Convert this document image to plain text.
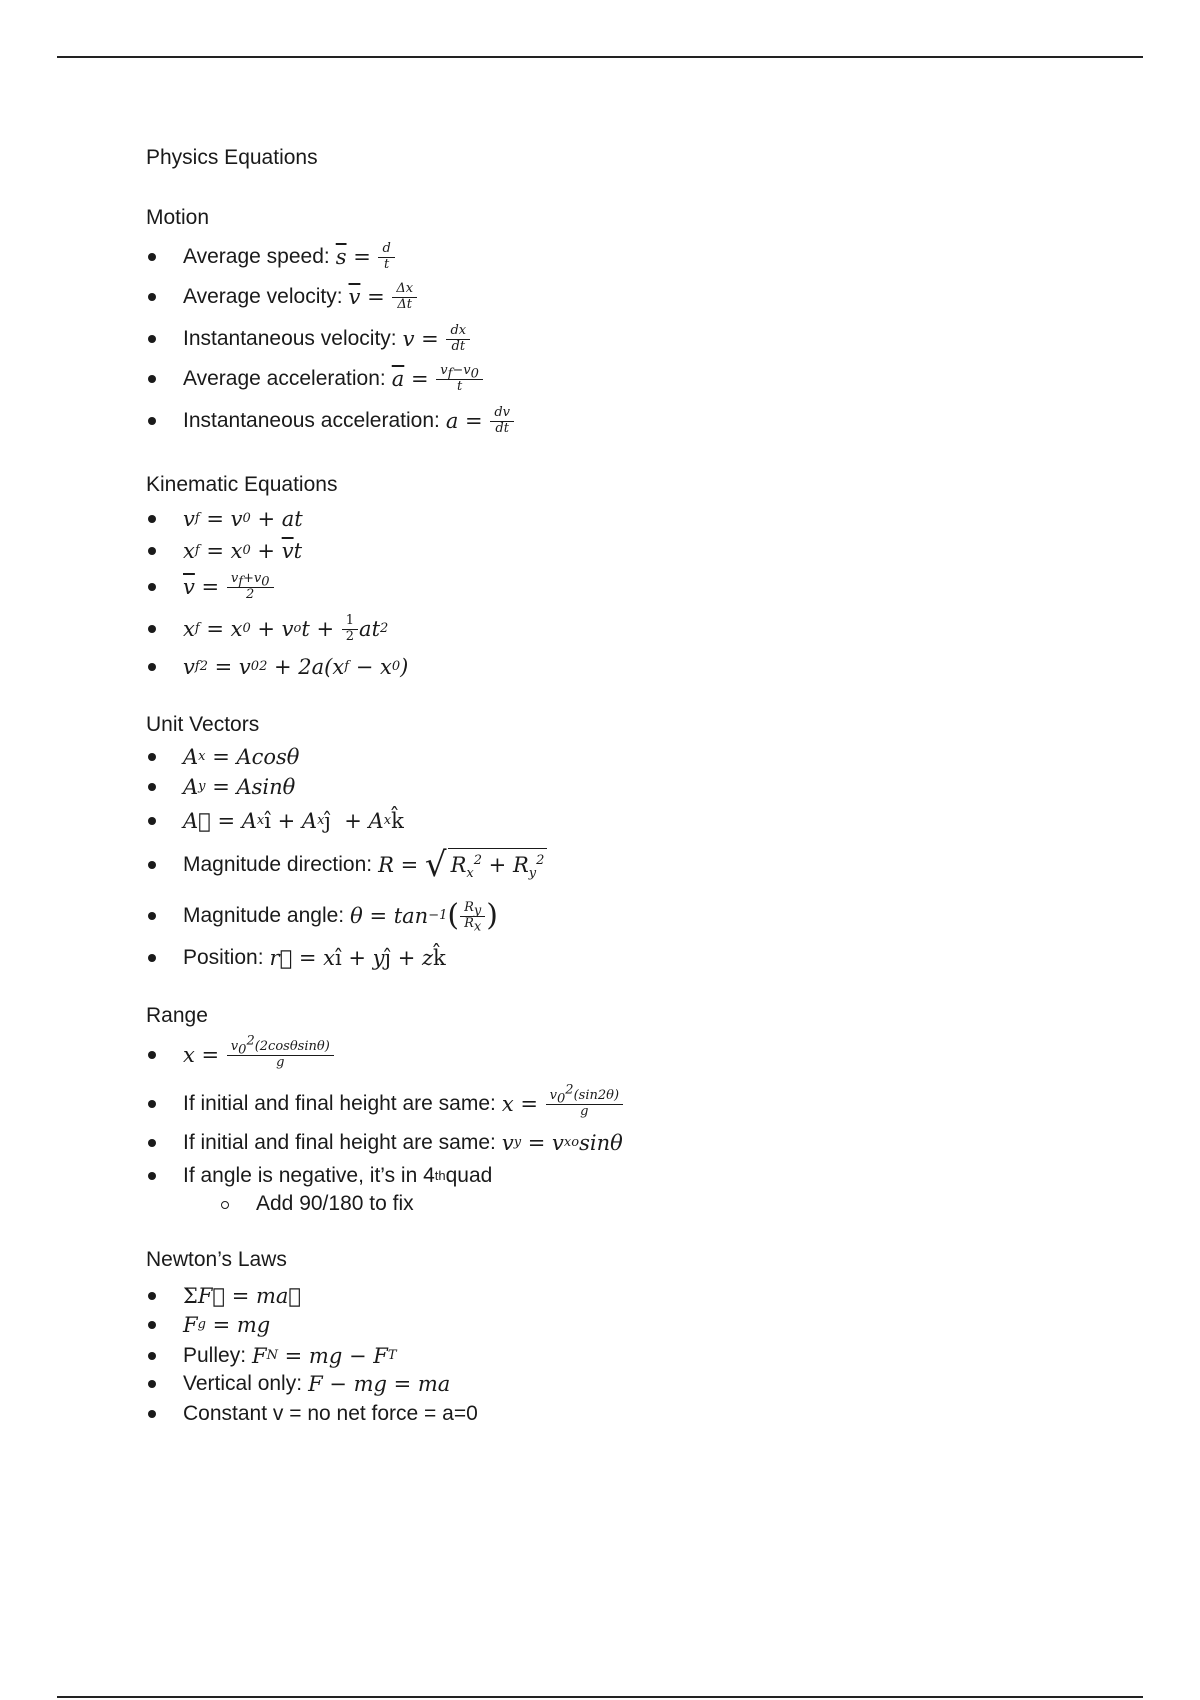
Physics Equations
Motion
Average speed: $\overline{s} = \frac{d}{t}$
Average velocity: $\overline{v} = \frac{\Delta x}{\Delta t}$
Instantaneous velocity: $v = \frac{dx}{dt}$
Average acceleration: $\overline{a} = \frac{v_f-v_0}{t}$
Instantaneous acceleration: $a = \frac{dv}{dt}$
Kinematic Equations
v f = v 0 + at
x f = x $0 + \overline{v}$ t
$\overline{v} = \frac{v_f+v_0}{2}$
x f = x 0 + v o $t + \frac{1}{2}$ at 2
v f 2 = v 0 2 + 2a(x f − x 0 )
Unit Vectors
A x = Acosθ
A y = Asinθ
A⃗ = A x î + A x ĵ + A x k̂
Magnitude direction: R = √ $R_x^2 + R_y^2$
Magnitude angle: θ = tan −1 ( $\frac{R_y}{R_x}$ )
Position: r⃗ = x î + y ĵ + z k̂
Range
$x = \frac{v_0^2(2\cos\theta\sin\theta)}{g}$
If initial and final height are same: $x = \frac{v_0^2(\sin 2\theta)}{g}$
If initial and final height are same: v y = v xo sinθ
If angle is negative, it’s in 4 th quad
Add 90/180 to fix
Newton’s Laws
Σ F⃗ = ma⃗
F g = mg
Pulley: F N = mg − F T
Vertical only: F − mg = ma
Constant v = no net force = a=0
